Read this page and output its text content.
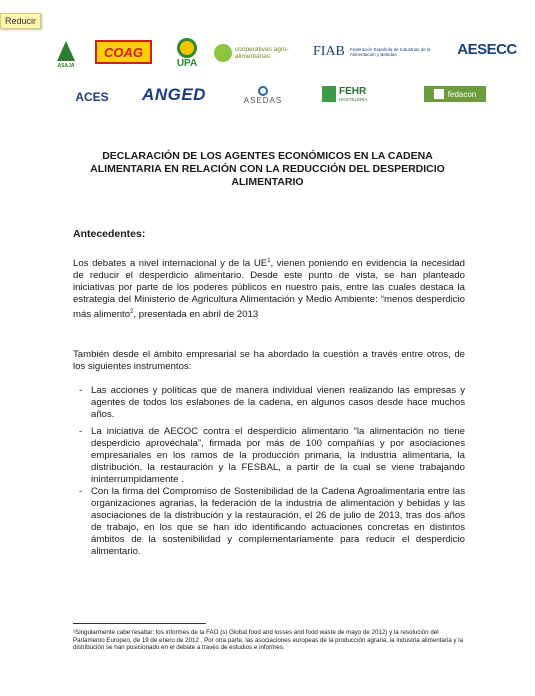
Reducir
ASAJA
COAG
UPA
cooperativas agro-alimentarias	FIAB Federación Española de Industrias de la Alimentación y Bebidas	AESECC
ACES ANGED	ASEDAS
FEHR
HOSTELERÍA
fedacon
DECLARACIÓN DE LOS AGENTES ECONÓMICOS EN LA CADENA ALIMENTARIA EN RELACIÓN CON LA REDUCCIÓN DEL DESPERDICIO ALIMENTARIO
Antecedentes:
Los debates a nivel internacional y de la $UE^1$, vienen poniendo en evidencia la necesidad de reducir el desperdicio alimentario. Desde este punto de vista, se han planteado iniciativas por parte de los poderes públicos en nuestro país, entre las cuales destaca la estrategia del Ministerio de Agricultura Alimentación y Medio Ambiente: “menos desperdicio más alimento$^2$, presentada en abril de 2013
También desde el ámbito empresarial se ha abordado la cuestión a través entre otros, de los siguientes instrumentos:
- Las acciones y políticas que de manera individual vienen realizando las empresas y agentes de todos los eslabones de la cadena, en algunos casos desde hace muchos años.
- La iniciativa de AECOC contra el desperdicio alimentario “la alimentación no tiene desperdicio aprovéchala”, firmada por más de 100 compañías y por asociaciones empresariales en los ramos de la producción primaria, la industria alimentaria, la distribución, la restauración y la FESBAL, a partir de la cual se viene trabajando ininterrumpidamente .
- Con la firma del Compromiso de Sostenibilidad de la Cadena Agroalimentaria entre las organizaciones agrarias, la federación de la industria de alimentación y bebidas y las asociaciones de la distribución y la restauración, el 26 de julio de 2013, tras dos años de trabajo, en los que se han ido identificando actuaciones concretas en distintos ámbitos de la sostenibilidad y complementariamente para reducir el desperdicio alimentario.
¹Singularmente cabe resaltar: los informes de la FAO (s) Global food and losses and food waste de mayo de 2012) y la resolución del Parlamento Europeo, de 19 de enero de 2012 . Por otra parte, las asociaciones europeas de la producción agraria, la industria alimentaria y la distribución se han posicionado en el debate a través de estudios e informes.
